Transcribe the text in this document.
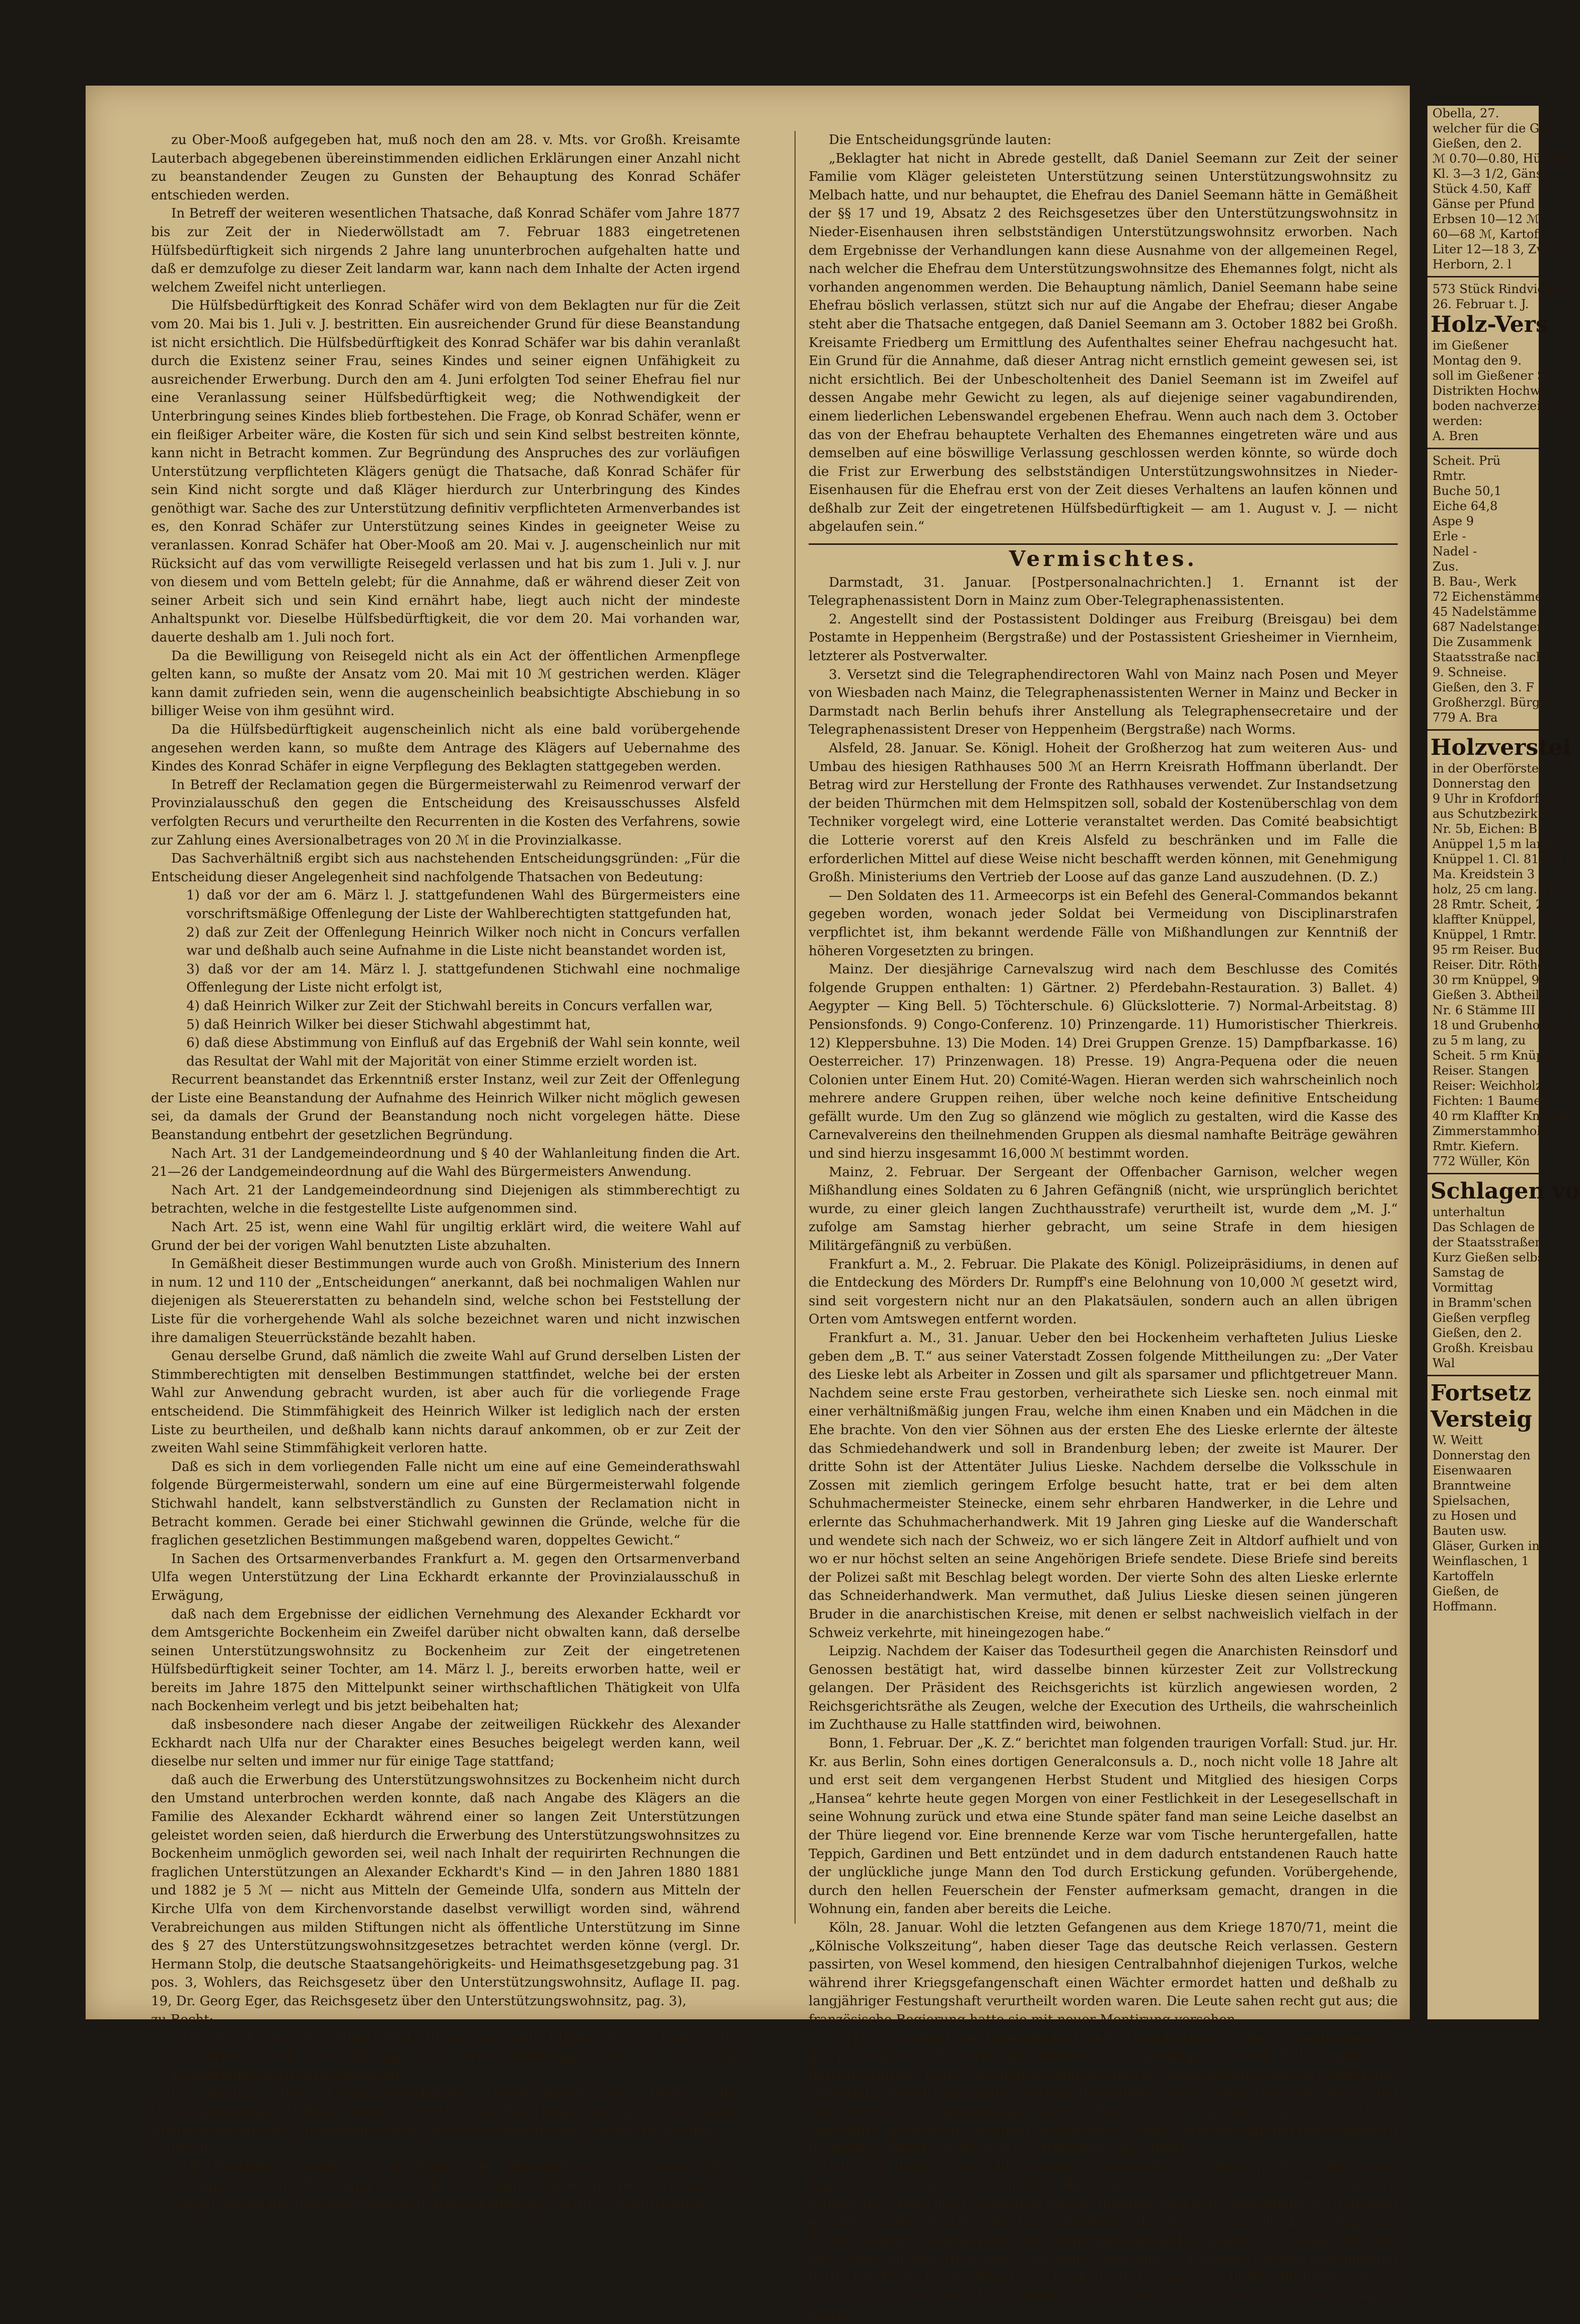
Obella, 27.
welcher für die Gatt.
Gießen, den 2.
ℳ 0.70—0.80, Hühner
Kl. 3—3 1/2, Gänse
Stück 4.50, Kaff
Gänse per Pfund
Erbsen 10—12 ℳ
60—68 ℳ, Kartoff
Liter 12—18 3, Zwieb
Herborn, 2. l
573 Stück Rindvieh und
26. Februar t. J.
Holz-Vers
im Gießener
Montag den 9.
soll im Gießener St
Distrikten Hochwa
boden nachverzeichn
werden:
A. Bren
Scheit. Prü
Rmtr.
Buche 50,1
Eiche 64,8
Aspe 9
Erle -
Nadel -
Zus.
B. Bau-, Werk
72 Eichenstämme
45 Nadelstämme
687 Nadelstangen
Die Zusammenk
Staatsstraße nach
9. Schneise.
Gießen, den 3. F
Großherzgl. Bürger
779 A. Bra
Holzverstei
in der Oberförste
Donnerstag den
9 Uhr in Krofdorf be
aus Schutzbezirk Krof
Nr. 5b, Eichen: B
Anüppel 1,5 m lang. 3
Knüppel 1. Cl. 815 Pl
Ma. Kreidstein 3
holz, 25 cm lang. 10
28 Rmtr. Scheit, 2
klaffter Knüppel, 2—
Knüppel, 1 Rmtr.
95 rm Reiser. Buch
Reiser. Ditr. Röthg
30 rm Knüppel, 9
Gießen 3. Abtheil
Nr. 6 Stämme III
18 und Grubenholz, 30
zu 5 m lang, zu
Scheit. 5 rm Knüpp
Reiser. Stangen
Reiser: Weichholz:
Fichten: 1 Baumen
40 rm Klaffter Knüppel
Zimmerstammholz,
Rmtr. Kiefern.
772 Wüller, Kön
Schlagen vo
unterhaltun
Das Schlagen de
der Staatsstraßen
Kurz Gießen selbst
Samstag de
Vormittag
in Bramm'schen
Gießen verpfleg
Gießen, den 2.
Großh. Kreisbau
Wal
Fortsetz
Versteig
W. Weitt
Donnerstag den
Eisenwaaren
Branntweine
Spielsachen,
zu Hosen und
Bauten usw.
Gläser, Gurken in
Weinflaschen, 1
Kartoffeln
Gießen, de
Hoffmann.

zu Ober-Mooß aufgegeben hat, muß noch den am 28. v. Mts. vor Großh. Kreisamte Lauterbach abgegebenen übereinstimmenden eidlichen Erklärungen einer Anzahl nicht zu beanstandender Zeugen zu Gunsten der Behauptung des Konrad Schäfer entschieden werden.

In Betreff der weiteren wesentlichen Thatsache, daß Konrad Schäfer vom Jahre 1877 bis zur Zeit der in Niederwöllstadt am 7. Februar 1883 eingetretenen Hülfsbedürftigkeit sich nirgends 2 Jahre lang ununterbrochen aufgehalten hatte und daß er demzufolge zu dieser Zeit landarm war, kann nach dem Inhalte der Acten irgend welchem Zweifel nicht unterliegen.

Die Hülfsbedürftigkeit des Konrad Schäfer wird von dem Beklagten nur für die Zeit vom 20. Mai bis 1. Juli v. J. bestritten. Ein ausreichender Grund für diese Beanstandung ist nicht ersichtlich. Die Hülfsbedürftigkeit des Konrad Schäfer war bis dahin veranlaßt durch die Existenz seiner Frau, seines Kindes und seiner eignen Unfähigkeit zu ausreichender Erwerbung. Durch den am 4. Juni erfolgten Tod seiner Ehefrau fiel nur eine Veranlassung seiner Hülfsbedürftigkeit weg; die Nothwendigkeit der Unterbringung seines Kindes blieb fortbestehen. Die Frage, ob Konrad Schäfer, wenn er ein fleißiger Arbeiter wäre, die Kosten für sich und sein Kind selbst bestreiten könnte, kann nicht in Betracht kommen. Zur Begründung des Anspruches des zur vorläufigen Unterstützung verpflichteten Klägers genügt die Thatsache, daß Konrad Schäfer für sein Kind nicht sorgte und daß Kläger hierdurch zur Unterbringung des Kindes genöthigt war. Sache des zur Unterstützung definitiv verpflichteten Armenverbandes ist es, den Konrad Schäfer zur Unterstützung seines Kindes in geeigneter Weise zu veranlassen. Konrad Schäfer hat Ober-Mooß am 20. Mai v. J. augenscheinlich nur mit Rücksicht auf das vom verwilligte Reisegeld verlassen und hat bis zum 1. Juli v. J. nur von diesem und vom Betteln gelebt; für die Annahme, daß er während dieser Zeit von seiner Arbeit sich und sein Kind ernährt habe, liegt auch nicht der mindeste Anhaltspunkt vor. Dieselbe Hülfsbedürftigkeit, die vor dem 20. Mai vorhanden war, dauerte deshalb am 1. Juli noch fort.

Da die Bewilligung von Reisegeld nicht als ein Act der öffentlichen Armenpflege gelten kann, so mußte der Ansatz vom 20. Mai mit 10 ℳ gestrichen werden. Kläger kann damit zufrieden sein, wenn die augenscheinlich beabsichtigte Abschiebung in so billiger Weise von ihm gesühnt wird.

Da die Hülfsbedürftigkeit augenscheinlich nicht als eine bald vorübergehende angesehen werden kann, so mußte dem Antrage des Klägers auf Uebernahme des Kindes des Konrad Schäfer in eigne Verpflegung des Beklagten stattgegeben werden.

In Betreff der Reclamation gegen die Bürgermeisterwahl zu Reimenrod verwarf der Provinzialausschuß den gegen die Entscheidung des Kreisausschusses Alsfeld verfolgten Recurs und verurtheilte den Recurrenten in die Kosten des Verfahrens, sowie zur Zahlung eines Aversionalbetrages von 20 ℳ in die Provinzialkasse.

Das Sachverhältniß ergibt sich aus nachstehenden Entscheidungsgründen: „Für die Entscheidung dieser Angelegenheit sind nachfolgende Thatsachen von Bedeutung:

1) daß vor der am 6. März l. J. stattgefundenen Wahl des Bürgermeisters eine vorschriftsmäßige Offenlegung der Liste der Wahlberechtigten stattgefunden hat,

2) daß zur Zeit der Offenlegung Heinrich Wilker noch nicht in Concurs verfallen war und deßhalb auch seine Aufnahme in die Liste nicht beanstandet worden ist,

3) daß vor der am 14. März l. J. stattgefundenen Stichwahl eine nochmalige Offenlegung der Liste nicht erfolgt ist,

4) daß Heinrich Wilker zur Zeit der Stichwahl bereits in Concurs verfallen war,

5) daß Heinrich Wilker bei dieser Stichwahl abgestimmt hat,

6) daß diese Abstimmung von Einfluß auf das Ergebniß der Wahl sein konnte, weil das Resultat der Wahl mit der Majorität von einer Stimme erzielt worden ist.

Recurrent beanstandet das Erkenntniß erster Instanz, weil zur Zeit der Offenlegung der Liste eine Beanstandung der Aufnahme des Heinrich Wilker nicht möglich gewesen sei, da damals der Grund der Beanstandung noch nicht vorgelegen hätte. Diese Beanstandung entbehrt der gesetzlichen Begründung.

Nach Art. 31 der Landgemeindeordnung und § 40 der Wahlanleitung finden die Art. 21—26 der Landgemeindeordnung auf die Wahl des Bürgermeisters Anwendung.

Nach Art. 21 der Landgemeindeordnung sind Diejenigen als stimmberechtigt zu betrachten, welche in die festgestellte Liste aufgenommen sind.

Nach Art. 25 ist, wenn eine Wahl für ungiltig erklärt wird, die weitere Wahl auf Grund der bei der vorigen Wahl benutzten Liste abzuhalten.

In Gemäßheit dieser Bestimmungen wurde auch von Großh. Ministerium des Innern in num. 12 und 110 der „Entscheidungen“ anerkannt, daß bei nochmaligen Wahlen nur diejenigen als Steuererstatten zu behandeln sind, welche schon bei Feststellung der Liste für die vorhergehende Wahl als solche bezeichnet waren und nicht inzwischen ihre damaligen Steuerrückstände bezahlt haben.

Genau derselbe Grund, daß nämlich die zweite Wahl auf Grund derselben Listen der Stimmberechtigten mit denselben Bestimmungen stattfindet, welche bei der ersten Wahl zur Anwendung gebracht wurden, ist aber auch für die vorliegende Frage entscheidend. Die Stimmfähigkeit des Heinrich Wilker ist lediglich nach der ersten Liste zu beurtheilen, und deßhalb kann nichts darauf ankommen, ob er zur Zeit der zweiten Wahl seine Stimmfähigkeit verloren hatte.

Daß es sich in dem vorliegenden Falle nicht um eine auf eine Gemeinderathswahl folgende Bürgermeisterwahl, sondern um eine auf eine Bürgermeisterwahl folgende Stichwahl handelt, kann selbstverständlich zu Gunsten der Reclamation nicht in Betracht kommen. Gerade bei einer Stichwahl gewinnen die Gründe, welche für die fraglichen gesetzlichen Bestimmungen maßgebend waren, doppeltes Gewicht.“

In Sachen des Ortsarmenverbandes Frankfurt a. M. gegen den Ortsarmenverband Ulfa wegen Unterstützung der Lina Eckhardt erkannte der Provinzialausschuß in Erwägung,

daß nach dem Ergebnisse der eidlichen Vernehmung des Alexander Eckhardt vor dem Amtsgerichte Bockenheim ein Zweifel darüber nicht obwalten kann, daß derselbe seinen Unterstützungswohnsitz zu Bockenheim zur Zeit der eingetretenen Hülfsbedürftigkeit seiner Tochter, am 14. März l. J., bereits erworben hatte, weil er bereits im Jahre 1875 den Mittelpunkt seiner wirthschaftlichen Thätigkeit von Ulfa nach Bockenheim verlegt und bis jetzt beibehalten hat;

daß insbesondere nach dieser Angabe der zeitweiligen Rückkehr des Alexander Eckhardt nach Ulfa nur der Charakter eines Besuches beigelegt werden kann, weil dieselbe nur selten und immer nur für einige Tage stattfand;

daß auch die Erwerbung des Unterstützungswohnsitzes zu Bockenheim nicht durch den Umstand unterbrochen werden konnte, daß nach Angabe des Klägers an die Familie des Alexander Eckhardt während einer so langen Zeit Unterstützungen geleistet worden seien, daß hierdurch die Erwerbung des Unterstützungswohnsitzes zu Bockenheim unmöglich geworden sei, weil nach Inhalt der requirirten Rechnungen die fraglichen Unterstützungen an Alexander Eckhardt's Kind — in den Jahren 1880 1881 und 1882 je 5 ℳ — nicht aus Mitteln der Gemeinde Ulfa, sondern aus Mitteln der Kirche Ulfa von dem Kirchenvorstande daselbst verwilligt worden sind, während Verabreichungen aus milden Stiftungen nicht als öffentliche Unterstützung im Sinne des § 27 des Unterstützungswohnsitzgesetzes betrachtet werden könne (vergl. Dr. Hermann Stolp, die deutsche Staatsangehörigkeits- und Heimathsgesetzgebung pag. 31 pos. 3, Wohlers, das Reichsgesetz über den Unterstützungswohnsitz, Auflage II. pag. 19, Dr. Georg Eger, das Reichsgesetz über den Unterstützungswohnsitz, pag. 3),

zu Recht:

„daß die Klage als unbegründet abzuweisen und Kläger in die Kosten des Verfahrens, sowie zur Zahlung eines Aversionalbetrages von 30 ℳ in die Provinzialkasse zu verurtheilen ist.“

In Sachen des Ortsarmenverbandes Nieder-Eisenhausen gegen den Ortsarmenverband Melbach wegen Unterstützung des Daniel Seemann resp. dessen Kinder erkannte der Provinzialausschuß nach Vernehmung einer Anzahl von Zeugen

zu Recht:

„daß Beklagter schuldig sei, an Kläger die eingeklagten 170 ℳ nebst 5pCt. Verzugszinsen von Zustellung der Klage an zu zahlen, die Kosten des Verfahrens zu tragen und an die Provinzialkasse den Aversionalbetrag von 20 ℳ zu entrichten.“

Die Entscheidungsgründe lauten:

„Beklagter hat nicht in Abrede gestellt, daß Daniel Seemann zur Zeit der seiner Familie vom Kläger geleisteten Unterstützung seinen Unterstützungswohnsitz zu Melbach hatte, und nur behauptet, die Ehefrau des Daniel Seemann hätte in Gemäßheit der §§ 17 und 19, Absatz 2 des Reichsgesetzes über den Unterstützungswohnsitz in Nieder-Eisenhausen ihren selbstständigen Unterstützungswohnsitz erworben. Nach dem Ergebnisse der Verhandlungen kann diese Ausnahme von der allgemeinen Regel, nach welcher die Ehefrau dem Unterstützungswohnsitze des Ehemannes folgt, nicht als vorhanden angenommen werden. Die Behauptung nämlich, Daniel Seemann habe seine Ehefrau böslich verlassen, stützt sich nur auf die Angabe der Ehefrau; dieser Angabe steht aber die Thatsache entgegen, daß Daniel Seemann am 3. October 1882 bei Großh. Kreisamte Friedberg um Ermittlung des Aufenthaltes seiner Ehefrau nachgesucht hat. Ein Grund für die Annahme, daß dieser Antrag nicht ernstlich gemeint gewesen sei, ist nicht ersichtlich. Bei der Unbescholtenheit des Daniel Seemann ist im Zweifel auf dessen Angabe mehr Gewicht zu legen, als auf diejenige seiner vagabundirenden, einem liederlichen Lebenswandel ergebenen Ehefrau. Wenn auch nach dem 3. October das von der Ehefrau behauptete Verhalten des Ehemannes eingetreten wäre und aus demselben auf eine böswillige Verlassung geschlossen werden könnte, so würde doch die Frist zur Erwerbung des selbstständigen Unterstützungswohnsitzes in Nieder-Eisenhausen für die Ehefrau erst von der Zeit dieses Verhaltens an laufen können und deßhalb zur Zeit der eingetretenen Hülfsbedürftigkeit — am 1. August v. J. — nicht abgelaufen sein.“

Vermischtes.

Darmstadt, 31. Januar. [Postpersonalnachrichten.] 1. Ernannt ist der Telegraphenassistent Dorn in Mainz zum Ober-Telegraphenassistenten.

2. Angestellt sind der Postassistent Doldinger aus Freiburg (Breisgau) bei dem Postamte in Heppenheim (Bergstraße) und der Postassistent Griesheimer in Viernheim, letzterer als Postverwalter.

3. Versetzt sind die Telegraphendirectoren Wahl von Mainz nach Posen und Meyer von Wiesbaden nach Mainz, die Telegraphenassistenten Werner in Mainz und Becker in Darmstadt nach Berlin behufs ihrer Anstellung als Telegraphensecretaire und der Telegraphenassistent Dreser von Heppenheim (Bergstraße) nach Worms.

Alsfeld, 28. Januar. Se. Königl. Hoheit der Großherzog hat zum weiteren Aus- und Umbau des hiesigen Rathhauses 500 ℳ an Herrn Kreisrath Hoffmann überlandt. Der Betrag wird zur Herstellung der Fronte des Rathhauses verwendet. Zur Instandsetzung der beiden Thürmchen mit dem Helmspitzen soll, sobald der Kostenüberschlag von dem Techniker vorgelegt wird, eine Lotterie veranstaltet werden. Das Comité beabsichtigt die Lotterie vorerst auf den Kreis Alsfeld zu beschränken und im Falle die erforderlichen Mittel auf diese Weise nicht beschafft werden können, mit Genehmigung Großh. Ministeriums den Vertrieb der Loose auf das ganze Land auszudehnen. (D. Z.)

— Den Soldaten des 11. Armeecorps ist ein Befehl des General-Commandos bekannt gegeben worden, wonach jeder Soldat bei Vermeidung von Disciplinarstrafen verpflichtet ist, ihm bekannt werdende Fälle von Mißhandlungen zur Kenntniß der höheren Vorgesetzten zu bringen.

Mainz. Der diesjährige Carnevalszug wird nach dem Beschlusse des Comités folgende Gruppen enthalten: 1) Gärtner. 2) Pferdebahn-Restauration. 3) Ballet. 4) Aegypter — King Bell. 5) Töchterschule. 6) Glückslotterie. 7) Normal-Arbeitstag. 8) Pensionsfonds. 9) Congo-Conferenz. 10) Prinzengarde. 11) Humoristischer Thierkreis. 12) Kleppersbuhne. 13) Die Moden. 14) Drei Gruppen Grenze. 15) Dampfbarkasse. 16) Oesterreicher. 17) Prinzenwagen. 18) Presse. 19) Angra-Pequena oder die neuen Colonien unter Einem Hut. 20) Comité-Wagen. Hieran werden sich wahrscheinlich noch mehrere andere Gruppen reihen, über welche noch keine definitive Entscheidung gefällt wurde. Um den Zug so glänzend wie möglich zu gestalten, wird die Kasse des Carnevalvereins den theilnehmenden Gruppen als diesmal namhafte Beiträge gewähren und sind hierzu insgesammt 16,000 ℳ bestimmt worden.

Mainz, 2. Februar. Der Sergeant der Offenbacher Garnison, welcher wegen Mißhandlung eines Soldaten zu 6 Jahren Gefängniß (nicht, wie ursprünglich berichtet wurde, zu einer gleich langen Zuchthausstrafe) verurtheilt ist, wurde dem „M. J.“ zufolge am Samstag hierher gebracht, um seine Strafe in dem hiesigen Militärgefängniß zu verbüßen.

Frankfurt a. M., 2. Februar. Die Plakate des Königl. Polizeipräsidiums, in denen auf die Entdeckung des Mörders Dr. Rumpff's eine Belohnung von 10,000 ℳ gesetzt wird, sind seit vorgestern nicht nur an den Plakatsäulen, sondern auch an allen übrigen Orten vom Amtswegen entfernt worden.

Frankfurt a. M., 31. Januar. Ueber den bei Hockenheim verhafteten Julius Lieske geben dem „B. T.“ aus seiner Vaterstadt Zossen folgende Mittheilungen zu: „Der Vater des Lieske lebt als Arbeiter in Zossen und gilt als sparsamer und pflichtgetreuer Mann. Nachdem seine erste Frau gestorben, verheirathete sich Lieske sen. noch einmal mit einer verhältnißmäßig jungen Frau, welche ihm einen Knaben und ein Mädchen in die Ehe brachte. Von den vier Söhnen aus der ersten Ehe des Lieske erlernte der älteste das Schmiedehandwerk und soll in Brandenburg leben; der zweite ist Maurer. Der dritte Sohn ist der Attentäter Julius Lieske. Nachdem derselbe die Volksschule in Zossen mit ziemlich geringem Erfolge besucht hatte, trat er bei dem alten Schuhmachermeister Steinecke, einem sehr ehrbaren Handwerker, in die Lehre und erlernte das Schuhmacherhandwerk. Mit 19 Jahren ging Lieske auf die Wanderschaft und wendete sich nach der Schweiz, wo er sich längere Zeit in Altdorf aufhielt und von wo er nur höchst selten an seine Angehörigen Briefe sendete. Diese Briefe sind bereits der Polizei saßt mit Beschlag belegt worden. Der vierte Sohn des alten Lieske erlernte das Schneiderhandwerk. Man vermuthet, daß Julius Lieske diesen seinen jüngeren Bruder in die anarchistischen Kreise, mit denen er selbst nachweislich vielfach in der Schweiz verkehrte, mit hineingezogen habe.“

Leipzig. Nachdem der Kaiser das Todesurtheil gegen die Anarchisten Reinsdorf und Genossen bestätigt hat, wird dasselbe binnen kürzester Zeit zur Vollstreckung gelangen. Der Präsident des Reichsgerichts ist kürzlich angewiesen worden, 2 Reichsgerichtsräthe als Zeugen, welche der Execution des Urtheils, die wahrscheinlich im Zuchthause zu Halle stattfinden wird, beiwohnen.

Bonn, 1. Februar. Der „K. Z.“ berichtet man folgenden traurigen Vorfall: Stud. jur. Hr. Kr. aus Berlin, Sohn eines dortigen Generalconsuls a. D., noch nicht volle 18 Jahre alt und erst seit dem vergangenen Herbst Student und Mitglied des hiesigen Corps „Hansea“ kehrte heute gegen Morgen von einer Festlichkeit in der Lesegesellschaft in seine Wohnung zurück und etwa eine Stunde später fand man seine Leiche daselbst an der Thüre liegend vor. Eine brennende Kerze war vom Tische heruntergefallen, hatte Teppich, Gardinen und Bett entzündet und in dem dadurch entstandenen Rauch hatte der unglückliche junge Mann den Tod durch Erstickung gefunden. Vorübergehende, durch den hellen Feuerschein der Fenster aufmerksam gemacht, drangen in die Wohnung ein, fanden aber bereits die Leiche.

Köln, 28. Januar. Wohl die letzten Gefangenen aus dem Kriege 1870/71, meint die „Kölnische Volkszeitung“, haben dieser Tage das deutsche Reich verlassen. Gestern passirten, von Wesel kommend, den hiesigen Centralbahnhof diejenigen Turkos, welche während ihrer Kriegsgefangenschaft einen Wächter ermordet hatten und deßhalb zu langjähriger Festungshaft verurtheilt worden waren. Die Leute sahen recht gut aus; die französische Regierung hatte sie mit neuer Montirung versehen.

— [Zur Warnung.] Die Angewohnheit vieler Comptoiristen, in der Correspondenz ic. die persönlichen Fürwörter auszulassen, ist neuerdings in einem Falle empfindlich bestraft worden. In der Rechtsprechung des Reichs-Oberlandesgerichts ist nämlich der Grundsatz ein Fall entschieden worden, demzufolge ein an eigene Ordre gezogener und vom Bezogenen angenommener Wechsel über 8000 ℳ: „Zahlen Sie u. s. w. an Ordre von selbst“ deßhalb als in einem wesentlichen Theile unvollständig und unverständlich für nichtig erklärt wurde, weil das Wörtchen „uns“ fehlte.

Folgende lustige Geschichte unbefugter Anwendung des Nothsignals erzählte dieser Tage ein von Eisenach kommender Reisender. Nicht weit von der Station Eisenach ertönte die Pfeife der Locomotive und da dieselbe durch die Signalleine in Thätigkeit gesetzt worden, brachte der Locomotivführer den Zug so schnell als es ging zum Stehen. Darauf sah man nach, was vorgefallen sei und es stellte sich heraus, daß sich ein Ochse mit den Horn eines aus dem Viehwagen schauenden Ochsen geschlungen hatte. Die Versuche des Thieres, sich wieder frei zu machen, ließen die Pfeife ertönen und den Zug anhalten. Man befreite den Ochsen von der Leine und sofort ging es weiter.
